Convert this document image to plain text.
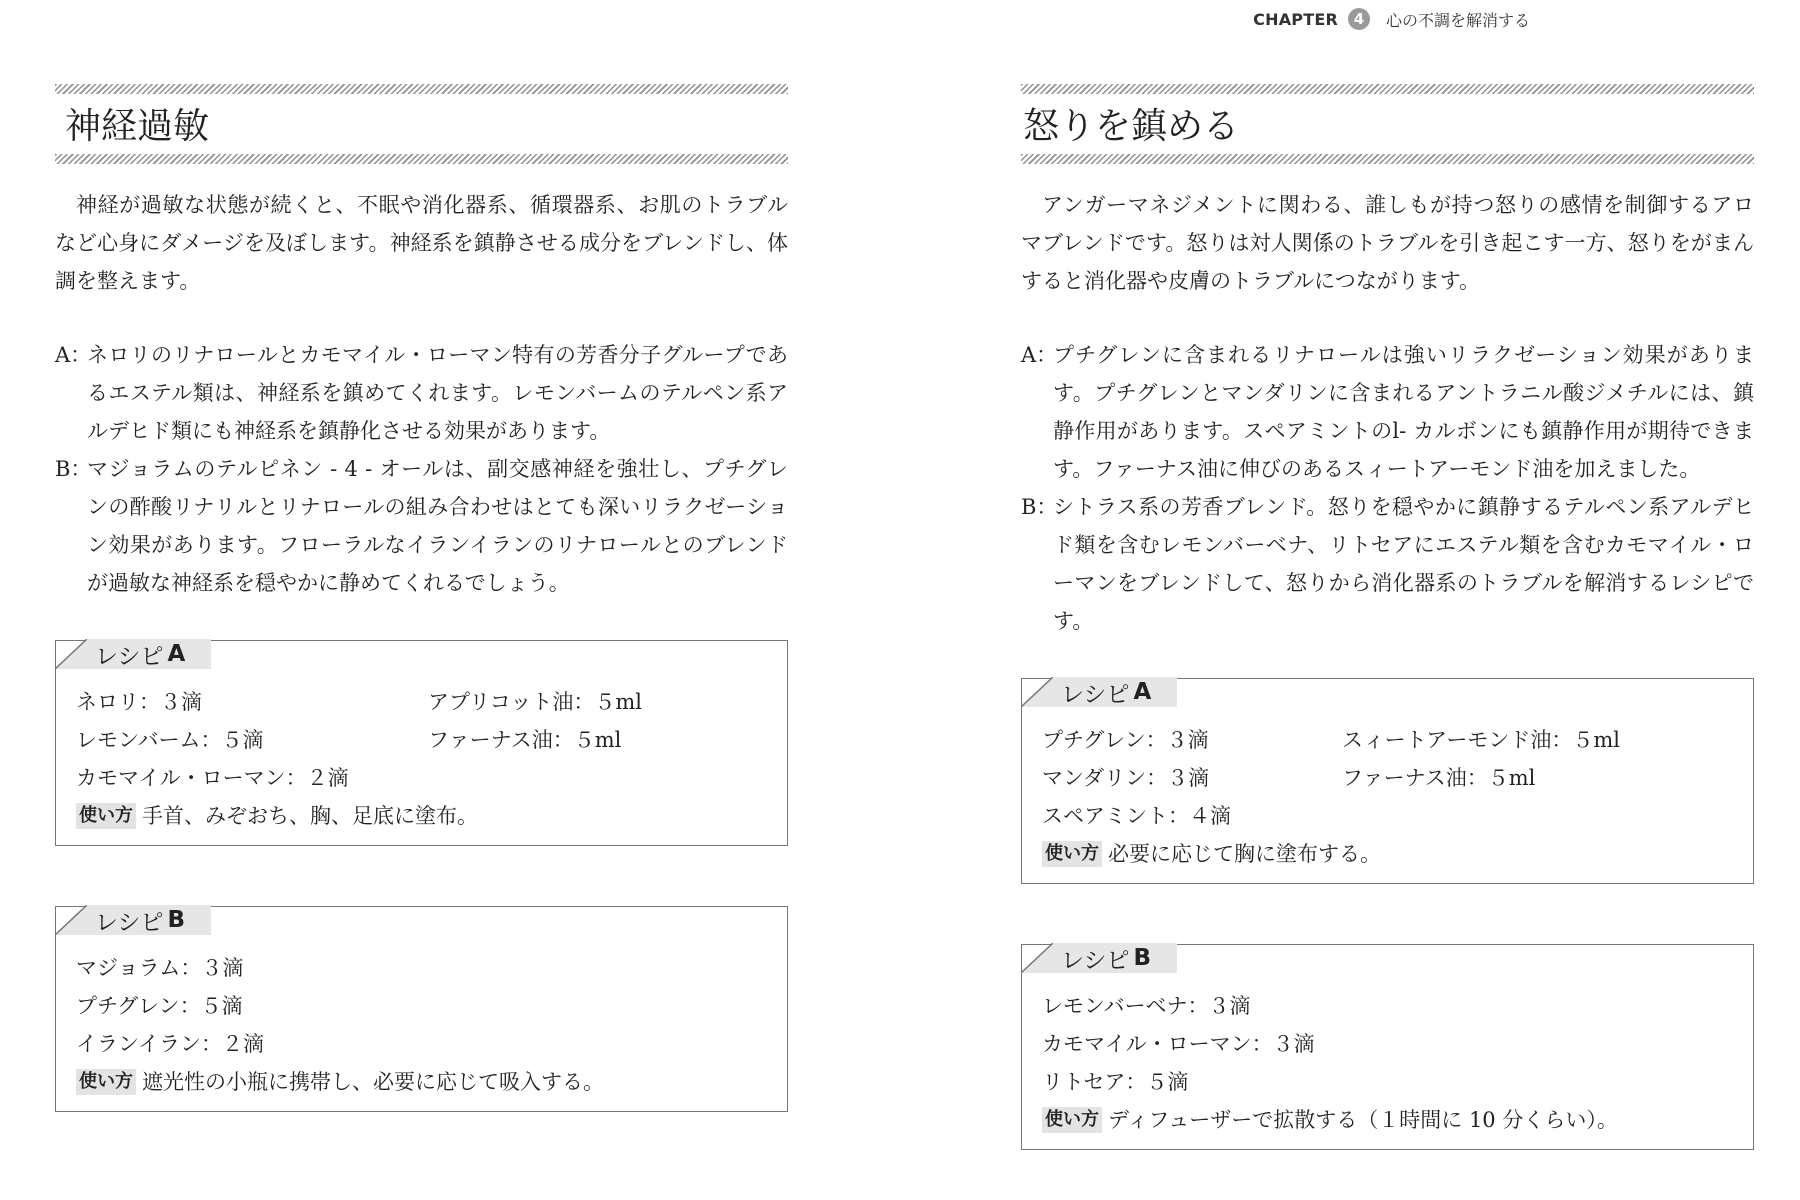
CHAPTER	4	心の不調を解消する
神経過敏

神経が過敏な状態が続くと、不眠や消化器系、循環器系、お肌のトラブルなど心身にダメージを及ぼします。神経系を鎮静させる成分をブレンドし、体調を整えます。

A：
ネロリのリナロールとカモマイル・ローマン特有の芳香分子グループであるエステル類は、神経系を鎮めてくれます。レモンバームのテルペン系アルデヒド類にも神経系を鎮静化させる効果があります。
B：
マジョラムのテルピネン - 4 - オールは、副交感神経を強壮し、プチグレンの酢酸リナリルとリナロールの組み合わせはとても深いリラクゼーション効果があります。フローラルなイランイランのリナロールとのブレンドが過敏な神経系を穏やかに静めてくれるでしょう。
レシピ A
ネロリ：３滴	アプリコット油：５ml
レモンバーム：５滴	ファーナス油：５ml
カモマイル・ローマン：２滴
使い方 手首、みぞおち、胸、足底に塗布。
レシピ B
マジョラム：３滴
プチグレン：５滴
イランイラン：２滴
使い方 遮光性の小瓶に携帯し、必要に応じて吸入する。
怒りを鎮める

アンガーマネジメントに関わる、誰しもが持つ怒りの感情を制御するアロマブレンドです。怒りは対人関係のトラブルを引き起こす一方、怒りをがまんすると消化器や皮膚のトラブルにつながります。

A：
プチグレンに含まれるリナロールは強いリラクゼーション効果があります。プチグレンとマンダリンに含まれるアントラニル酸ジメチルには、鎮静作用があります。スペアミントのl- カルボンにも鎮静作用が期待できます。ファーナス油に伸びのあるスィートアーモンド油を加えました。
B：
シトラス系の芳香ブレンド。怒りを穏やかに鎮静するテルペン系アルデヒド類を含むレモンバーベナ、リトセアにエステル類を含むカモマイル・ローマンをブレンドして、怒りから消化器系のトラブルを解消するレシピです。
レシピ A
プチグレン：３滴	スィートアーモンド油：５ml
マンダリン：３滴	ファーナス油：５ml
スペアミント：４滴
使い方 必要に応じて胸に塗布する。
レシピ B
レモンバーベナ：３滴
カモマイル・ローマン：３滴
リトセア：５滴
使い方 ディフューザーで拡散する（１時間に 10 分くらい）。
